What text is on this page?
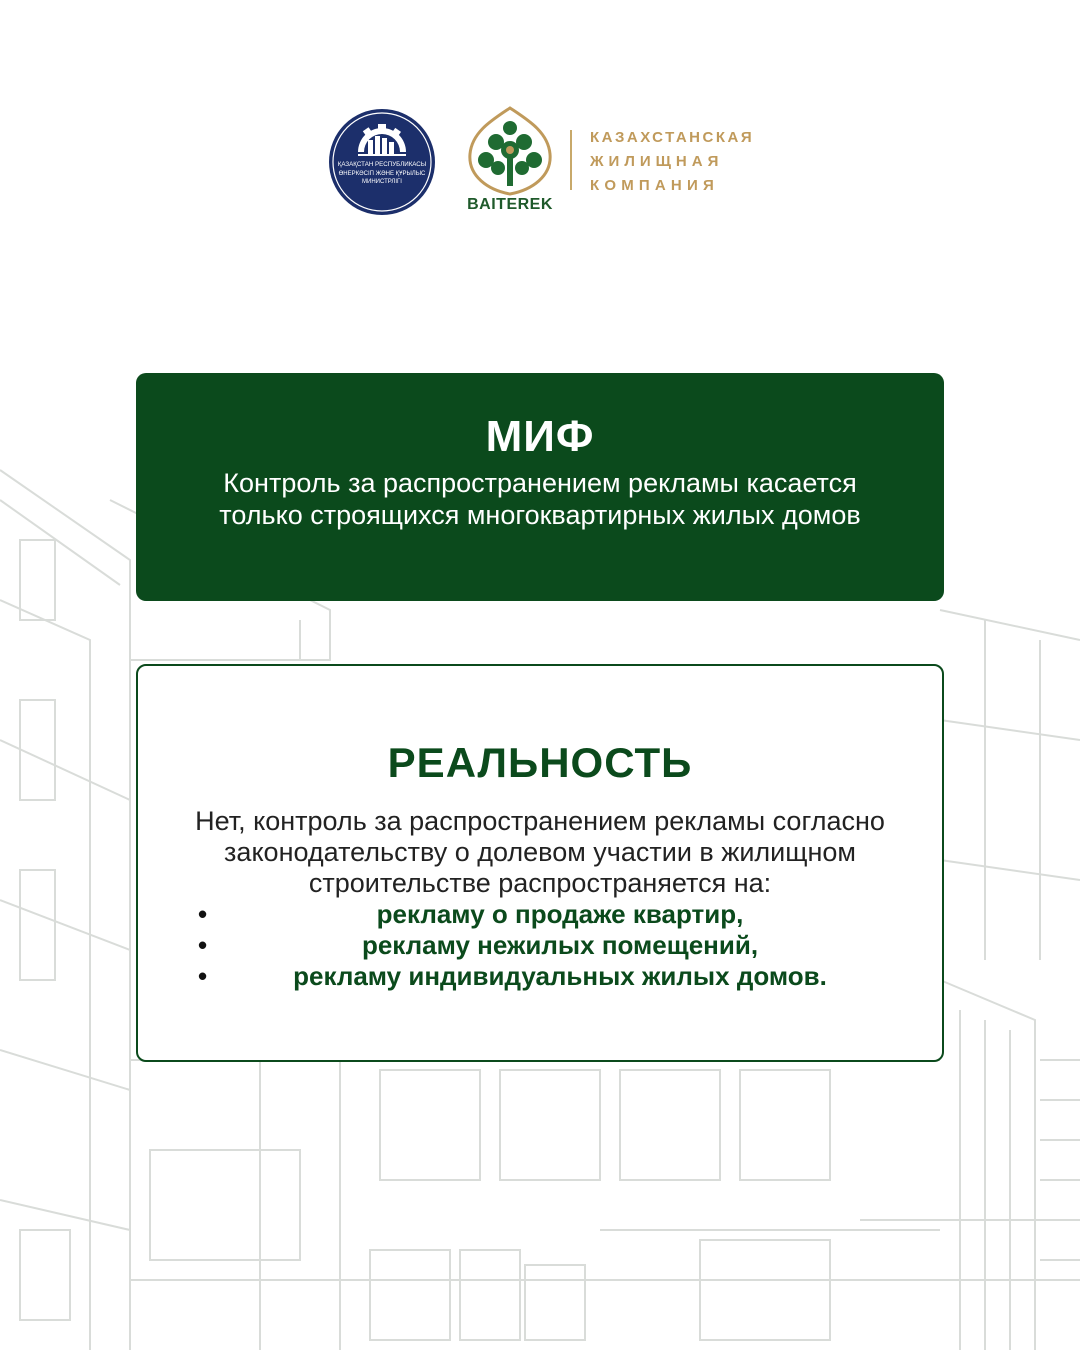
ҚАЗАҚСТАН РЕСПУБЛИКАСЫ
ӨНЕРКӘСІП ЖӘНЕ ҚҰРЫЛЫС
МИНИСТРЛІГІ
BAITEREK
КАЗАХСТАНСКАЯ
ЖИЛИЩНАЯ
КОМПАНИЯ
МИФ
Контроль за распространением рекламы касается только строящихся многоквартирных жилых домов
РЕАЛЬНОСТЬ
Нет, контроль за распространением рекламы согласно законодательству о долевом участии в жилищном строительстве распространяется на:
•	рекламу о продаже квартир,
•	рекламу нежилых помещений,
•	рекламу индивидуальных жилых домов.
